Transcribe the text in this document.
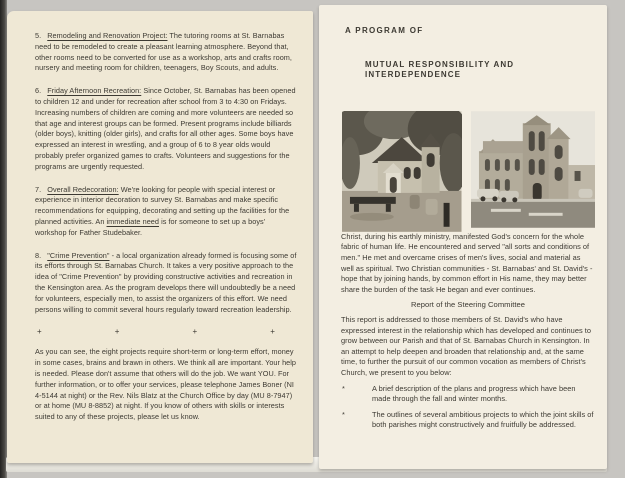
5. Remodeling and Renovation Project: The tutoring rooms at St. Barnabas need to be remodeled to create a pleasant learning atmosphere. Beyond that, other rooms need to be converted for use as a workshop, arts and crafts room, nursery and meeting room for children, teenagers, Boy Scouts, and adults.

6. Friday Afternoon Recreation: Since October, St. Barnabas has been opened to children 12 and under for recreation after school from 3 to 4:30 on Fridays. Increasing numbers of children are coming and more volunteers are needed so that age and interest groups can be formed. Present programs include billiards (older boys), knitting (older girls), and crafts for all other ages. Some boys have expressed an interest in wrestling, and a group of 6 to 8 year olds would probably prefer organized games to crafts. Volunteers and suggestions for the programs are urgently requested.

7. Overall Redecoration: We're looking for people with special interest or experience in interior decoration to survey St. Barnabas and make specific recommendations for equipping, decorating and setting up the facilities for the planned activities. An immediate need is for someone to set up a boys' workshop for Father Studebaker.

8. "Crime Prevention" - a local organization already formed is focusing some of its efforts through St. Barnabas Church. It takes a very positive approach to the idea of "Crime Prevention" by providing constructive activities and recreation in the Kensington area. As the program develops there will undoubtedly be a need for volunteers, especially men, to assist the organizers of this effort. We need persons willing to commit several hours regularly toward recreation leadership.

+	+	+	+

As you can see, the eight projects require short-term or long-term effort, money in some cases, brains and brawn in others. We think all are important. Your help is needed. Please don't assume that others will do the job. We want YOU. For further information, or to offer your services, please telephone James Boner (NI 4-5144 at night) or the Rev. Nils Blatz at the Church Office by day (MU 8-7947) or at home (MU 8-8852) at night. If you know of others with skills or interests suited to any of these projects, please let us know.

A PROGRAM OF
MUTUAL RESPONSIBILITY AND INTERDEPENDENCE

Christ, during his earthly ministry, manifested God's concern for the whole fabric of human life. He encountered and served "all sorts and conditions of men." He met and overcame crises of men's lives, social and material as well as spiritual. Two Christian communities - St. Barnabas' and St. David's - hope that by joining hands, by common effort in His name, they may better share the burden of the task He began and ever continues.

Report of the Steering Committee

This report is addressed to those members of St. David's who have expressed interest in the relationship which has developed and continues to grow between our Parish and that of St. Barnabas Church in Kensington. In an attempt to help deepen and broaden that relationship and, at the same time, to further the pursuit of our common vocation as members of Christ's Church, we present to you below:

*	A brief description of the plans and progress which have been made through the fall and winter months.
*	The outlines of several ambitious projects to which the joint skills of both parishes might constructively and fruitfully be addressed.
